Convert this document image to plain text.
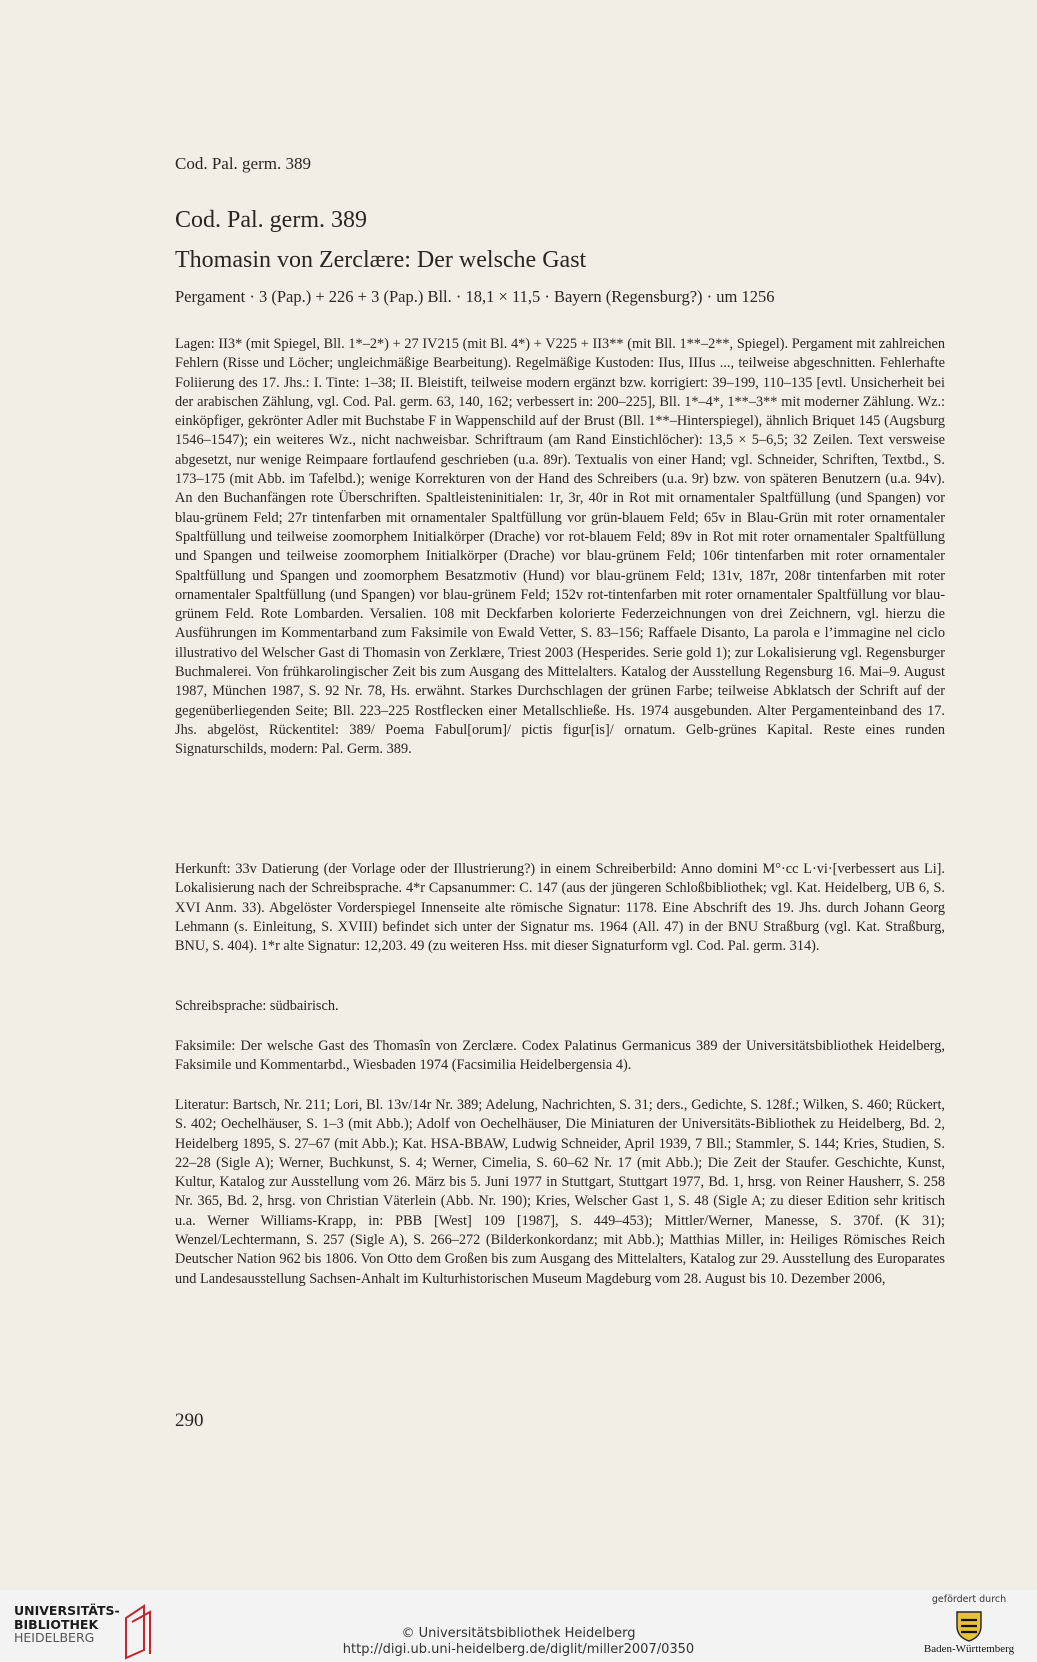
Cod. Pal. germ. 389
Cod. Pal. germ. 389
Thomasin von Zerclære: Der welsche Gast
Pergament · 3 (Pap.) + 226 + 3 (Pap.) Bll. · 18,1 × 11,5 · Bayern (Regensburg?) · um 1256
Lagen: II3* (mit Spiegel, Bll. 1*–2*) + 27 IV215 (mit Bl. 4*) + V225 + II3** (mit Bll. 1**–2**, Spiegel). Pergament mit zahlreichen Fehlern (Risse und Löcher; ungleichmäßige Bearbeitung). Regelmäßige Kustoden: IIus, IIIus ..., teilweise abgeschnitten. Fehlerhafte Foliierung des 17. Jhs.: I. Tinte: 1–38; II. Bleistift, teilweise modern ergänzt bzw. korrigiert: 39–199, 110–135 [evtl. Unsicherheit bei der arabischen Zählung, vgl. Cod. Pal. germ. 63, 140, 162; verbessert in: 200–225], Bll. 1*–4*, 1**–3** mit moderner Zählung. Wz.: einköpfiger, gekrönter Adler mit Buchstabe F in Wappenschild auf der Brust (Bll. 1**–Hinterspiegel), ähnlich Briquet 145 (Augsburg 1546–1547); ein weiteres Wz., nicht nachweisbar. Schriftraum (am Rand Einstichlöcher): 13,5 × 5–6,5; 32 Zeilen. Text versweise abgesetzt, nur wenige Reimpaare fortlaufend geschrieben (u.a. 89r). Textualis von einer Hand; vgl. Schneider, Schriften, Textbd., S. 173–175 (mit Abb. im Tafelbd.); wenige Korrekturen von der Hand des Schreibers (u.a. 9r) bzw. von späteren Benutzern (u.a. 94v). An den Buchanfängen rote Überschriften. Spaltleisteninitialen: 1r, 3r, 40r in Rot mit ornamentaler Spaltfüllung (und Spangen) vor blau-grünem Feld; 27r tintenfarben mit ornamentaler Spaltfüllung vor grün-blauem Feld; 65v in Blau-Grün mit roter ornamentaler Spaltfüllung und teilweise zoomorphem Initialkörper (Drache) vor rot-blauem Feld; 89v in Rot mit roter ornamentaler Spaltfüllung und Spangen und teilweise zoomorphem Initialkörper (Drache) vor blau-grünem Feld; 106r tintenfarben mit roter ornamentaler Spaltfüllung und Spangen und zoomorphem Besatzmotiv (Hund) vor blau-grünem Feld; 131v, 187r, 208r tintenfarben mit roter ornamentaler Spaltfüllung (und Spangen) vor blau-grünem Feld; 152v rot-tintenfarben mit roter ornamentaler Spaltfüllung vor blau-grünem Feld. Rote Lombarden. Versalien. 108 mit Deckfarben kolorierte Federzeichnungen von drei Zeichnern, vgl. hierzu die Ausführungen im Kommentarband zum Faksimile von Ewald Vetter, S. 83–156; Raffaele Disanto, La parola e l’immagine nel ciclo illustrativo del Welscher Gast di Thomasin von Zerklære, Triest 2003 (Hesperides. Serie gold 1); zur Lokalisierung vgl. Regensburger Buchmalerei. Von frühkarolingischer Zeit bis zum Ausgang des Mittelalters. Katalog der Ausstellung Regensburg 16. Mai–9. August 1987, München 1987, S. 92 Nr. 78, Hs. erwähnt. Starkes Durchschlagen der grünen Farbe; teilweise Abklatsch der Schrift auf der gegenüberliegenden Seite; Bll. 223–225 Rostflecken einer Metallschließe. Hs. 1974 ausgebunden. Alter Pergamenteinband des 17. Jhs. abgelöst, Rückentitel: 389/ Poema Fabul[orum]/ pictis figur[is]/ ornatum. Gelb-grünes Kapital. Reste eines runden Signaturschilds, modern: Pal. Germ. 389.
Herkunft: 33v Datierung (der Vorlage oder der Illustrierung?) in einem Schreiberbild: Anno domini M°·cc L·vi·[verbessert aus Li]. Lokalisierung nach der Schreibsprache. 4*r Capsanummer: C. 147 (aus der jüngeren Schloßbibliothek; vgl. Kat. Heidelberg, UB 6, S. XVI Anm. 33). Abgelöster Vorderspiegel Innenseite alte römische Signatur: 1178. Eine Abschrift des 19. Jhs. durch Johann Georg Lehmann (s. Einleitung, S. XVIII) befindet sich unter der Signatur ms. 1964 (All. 47) in der BNU Straßburg (vgl. Kat. Straßburg, BNU, S. 404). 1*r alte Signatur: 12,203. 49 (zu weiteren Hss. mit dieser Signaturform vgl. Cod. Pal. germ. 314).
Schreibsprache: südbairisch.
Faksimile: Der welsche Gast des Thomasîn von Zerclære. Codex Palatinus Germanicus 389 der Universitätsbibliothek Heidelberg, Faksimile und Kommentarbd., Wiesbaden 1974 (Facsimilia Heidelbergensia 4).
Literatur: Bartsch, Nr. 211; Lori, Bl. 13v/14r Nr. 389; Adelung, Nachrichten, S. 31; ders., Gedichte, S. 128f.; Wilken, S. 460; Rückert, S. 402; Oechelhäuser, S. 1–3 (mit Abb.); Adolf von Oechelhäuser, Die Miniaturen der Universitäts-Bibliothek zu Heidelberg, Bd. 2, Heidelberg 1895, S. 27–67 (mit Abb.); Kat. HSA-BBAW, Ludwig Schneider, April 1939, 7 Bll.; Stammler, S. 144; Kries, Studien, S. 22–28 (Sigle A); Werner, Buchkunst, S. 4; Werner, Cimelia, S. 60–62 Nr. 17 (mit Abb.); Die Zeit der Staufer. Geschichte, Kunst, Kultur, Katalog zur Ausstellung vom 26. März bis 5. Juni 1977 in Stuttgart, Stuttgart 1977, Bd. 1, hrsg. von Reiner Hausherr, S. 258 Nr. 365, Bd. 2, hrsg. von Christian Väterlein (Abb. Nr. 190); Kries, Welscher Gast 1, S. 48 (Sigle A; zu dieser Edition sehr kritisch u.a. Werner Williams-Krapp, in: PBB [West] 109 [1987], S. 449–453); Mittler/Werner, Manesse, S. 370f. (K 31); Wenzel/Lechtermann, S. 257 (Sigle A), S. 266–272 (Bilderkonkordanz; mit Abb.); Matthias Miller, in: Heiliges Römisches Reich Deutscher Nation 962 bis 1806. Von Otto dem Großen bis zum Ausgang des Mittelalters, Katalog zur 29. Ausstellung des Europarates und Landesausstellung Sachsen-Anhalt im Kulturhistorischen Museum Magdeburg vom 28. August bis 10. Dezember 2006,
290
UNIVERSITÄTS-
BIBLIOTHEK
HEIDELBERG	© Universitätsbibliothek Heidelberg
http://digi.ub.uni-heidelberg.de/diglit/miller2007/0350
gefördert durch
Baden-Württemberg
